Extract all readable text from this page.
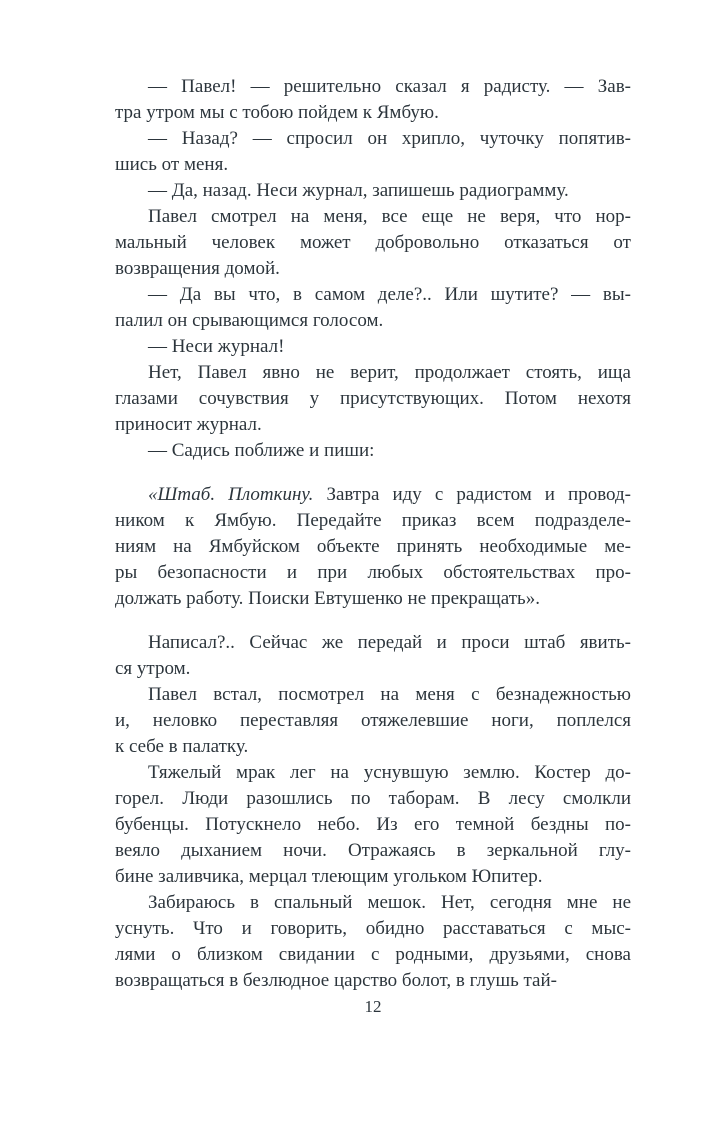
— Павел! — решительно сказал я радисту. — Зав-
тра утром мы с тобою пойдем к Ямбую.
— Назад? — спросил он хрипло, чуточку попятив-
шись от меня.
— Да, назад. Неси журнал, запишешь радиограмму.
Павел смотрел на меня, все еще не веря, что нор-
мальный человек может добровольно отказаться от
возвращения домой.
— Да вы что, в самом деле?.. Или шутите? — вы-
палил он срывающимся голосом.
— Неси журнал!
Нет, Павел явно не верит, продолжает стоять, ища
глазами сочувствия у присутствующих. Потом нехотя
приносит журнал.
— Садись поближе и пиши:
«Штаб. Плоткину. Завтра иду с радистом и провод-
ником к Ямбую. Передайте приказ всем подразделе-
ниям на Ямбуйском объекте принять необходимые ме-
ры безопасности и при любых обстоятельствах про-
должать работу. Поиски Евтушенко не прекращать».
Написал?.. Сейчас же передай и проси штаб явить-
ся утром.
Павел встал, посмотрел на меня с безнадежностью
и, неловко переставляя отяжелевшие ноги, поплелся
к себе в палатку.
Тяжелый мрак лег на уснувшую землю. Костер до-
горел. Люди разошлись по таборам. В лесу смолкли
бубенцы. Потускнело небо. Из его темной бездны по-
веяло дыханием ночи. Отражаясь в зеркальной глу-
бине заливчика, мерцал тлеющим угольком Юпитер.
Забираюсь в спальный мешок. Нет, сегодня мне не
уснуть. Что и говорить, обидно расставаться с мыс-
лями о близком свидании с родными, друзьями, снова
возвращаться в безлюдное царство болот, в глушь тай-
12
